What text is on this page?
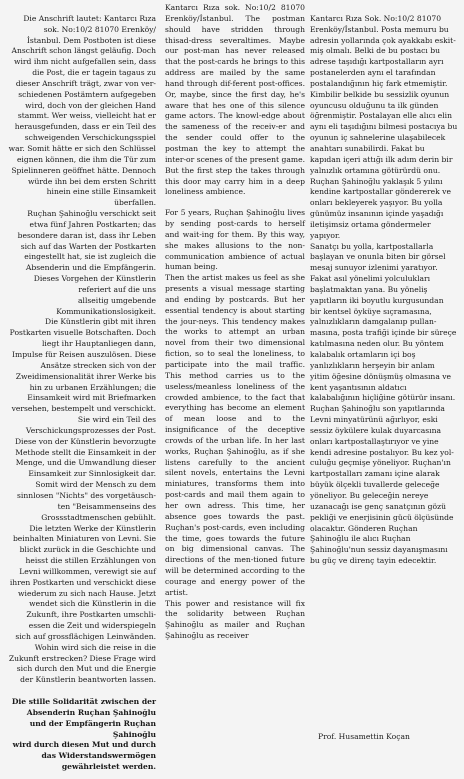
Die Anschrift lautet: Kantarcı Rıza
sok. No:10/2 81070 Erenköy/
İstanbul. Dem Postboten ist diese
Anschrift schon längst geläufig. Doch
wird ihm nicht aufgefallen sein, dass
die Post, die er tagein tagaus zu
dieser Anschrift trägt, zwar von ver-
schiedenen Postämtern aufgegeben
wird, doch von der gleichen Hand
stammt. Wer weiss, vielleicht hat er
herausgefunden, dass er ein Teil des
schweigenden Verschickungsspiel
war. Somit hätte er sich den Schlüssel
eignen können, die ihm die Tür zum
Spielinneren geöffnet hätte. Dennoch
würde ihn bei dem ersten Schritt
hinein eine stille Einsamkeit
überfallen.
Ruçhan Şahinoğlu verschickt seit
etwa fünf Jahren Postkarten; das
besondere daran ist, dass ihr Leben
sich auf das Warten der Postkarten
eingestellt hat, sie ist zugleich die
Absenderin und die Empfängerin.
Dieses Vorgehen der Künstlerin
referiert auf die uns
allseitig umgebende
Kommunikationslosigkeit.
Die Künstlerin gibt mit ihren
Postkarten visuelle Botschaften. Doch
liegt ihr Hauptanliegen dann,
Impulse für Reisen auszulösen. Diese
Ansätze strecken sich von der
Zweidimensionalität ihrer Werke bis
hin zu urbanen Erzählungen; die
Einsamkeit wird mit Briefmarken
versehen, bestempelt und verschickt.
Sie wird ein Teil des
Verschickungsprozesses der Post.
Diese von der Künstlerin bevorzugte
Methode stellt die Einsamkeit in der
Menge, und die Umwandlung dieser
Einsamkeit zur Sinnlosigkeit dar.
Somit wird der Mensch zu dem
sinnlosen "Nichts" des vorgetäusch-
ten "Beisammenseins des
Grossstadtmenschen gebühlt.
Die letzten Werke der Künstlerin
beinhalten Miniaturen von Levni. Sie
blickt zurück in die Geschichte und
heisst die stillen Erzählungen von
Levni willkommen, verewigt sie auf
ihren Postkarten und verschickt diese
wiederum zu sich nach Hause. Jetzt
wendet sich die Künstlerin in die
Zukunft, ihre Postkarten umschli-
essen die Zeit und widerspiegeln
sich auf grossflächigen Leinwänden.
Wohin wird sich die reise in die
Zukunft erstrecken? Diese Frage wird
sich durch den Mut und die Energie
der Künstlerin beantworten lassen.

Die stille Solidarität zwischen der
Absenderin Ruçhan Şahinoğlu
und der Empfängerin Ruçhan Şahinoğlu
wird durch diesen Mut und durch
das Widerstandswermögen
gewährleistet werden.

Kantarcı Rıza sok. No:10/2 81070 Erenköy/İstanbul. The postman should have stridden through thisad-dress severaltimes. Maybe our post-man has never released that the post-cards he brings to this address are mailed by the same hand through dif-ferent post-offices. Or, maybe, since the first day, he's aware that hes one of this silence game actors. The knowl-edge about the sameness of the receiv-er and the sender could offer to the postman the key to attempt the inter-or scenes of the present game. But the first step the takes through this door may carry him in a deep loneliness ambience.

For 5 years, Ruçhan Şahinoğlu lives by sending post-cards to herself and wait-ing for them. By this way, she makes allusions to the non-communication ambience of actual human being.

Then the artist makes us feel as she presents a visual message starting and ending by postcards. But her essential tendency is about starting the jour-neys. This tendency makes the works to attempt an urban novel from their two dimensional fiction, so to seal the loneliness, to participate into the mail traffic. This method carries us to the useless/meanless loneliness of the crowded ambience, to the fact that everything has become an element of mean loose and to the insignificance of the deceptive crowds of the urban life. In her last works, Ruçhan Şahinoğlu, as if she listens carefully to the ancient silent novels, entertains the Levni miniatures, transforms them into post-cards and mail them again to her own adress. This time, her absence goes towards the past. Ruçhan's post-cards, even including the time, goes towards the future on big dimensional canvas. The directions of the men-tioned future will be determined according to the courage and energy power of the artist.

This power and resistance will fix the solidarity between Ruçhan Şahinoğlu as mailer and Ruçhan Şahinoğlu as receiver

Kantarcı Rıza Sok. No:10/2 81070
Erenköy/İstanbul. Posta memuru bu
adresin yollarında çok ayakkabı eskit-
miş olmalı. Belki de bu postacı bu
adrese taşıdığı kartpostalların ayrı
postanelerden aynı el tarafından
postalandığının hiç fark etmemiştir.
Kimbilir belkide bu sessizlik oyunun
oyuncusu olduğunu ta ilk günden
öğrenmiştir. Postalayan elle alıcı elin
aynı eli taşıdığını bilmesi postacıya bu
oyunun iç sahnelerine ulaşabilecek
anahtarı sunabilirdi. Fakat bu
kapıdan içeri attığı ilk adım derin bir
yalnızlık ortamına götürürdü onu.
Ruçhan Şahinoğlu yaklaşık 5 yılını
kendine kartpostallar göndererek ve
onları bekleyerek yaşıyor. Bu yolla
günümüz insanının içinde yaşadığı
iletişimsiz ortama göndermeler
yapıyor.
Sanatçı bu yolla, kartpostallarla
başlayan ve onunla biten bir görsel
mesaj sunuyor izlenimi yaratıyor.
Fakat asıl yönelimi yolculukları
başlatmaktan yana. Bu yöneliş
yapıtların iki boyutlu kurgusundan
bir kentsel öyküye sıçramasına,
yalnızlıkların damgalanıp pullan-
masına, posta trafiği içinde bir süreçe
katılmasına neden olur. Bu yöntem
kalabalık ortamların içi boş
yanlızlıkların herşeyin bir anlam
yitim öğesine dönüşmüş olmasına ve
kent yaşantısının aldatıcı
kalabalığının hiçliğine götürür insanı.
Ruçhan Şahinoğlu son yapıtlarında
Levni minyatürünü ağırlıyor, eski
sessiz öykülere kulak duyarcasına
onları kartpostallaştırıyor ve yine
kendi adresine postalıyor. Bu kez yol-
culuğu geçmişe yöneliyor. Ruçhan'ın
kartpostalları zamanı içine alarak
büyük ölçekli tuvallerde geleceğe
yöneliyor. Bu geleceğin nereye
uzanacağı ise genç sanatçının gözü
pekliği ve enerjisinin gücü ölçüsünde
olacaktır. Gönderen Ruçhan
Şahinoğlu ile alıcı Ruçhan
Şahinoğlu'nun sessiz dayanışmasını
bu güç ve direnç tayin edecektir.

Prof. Husamettin Koçan
